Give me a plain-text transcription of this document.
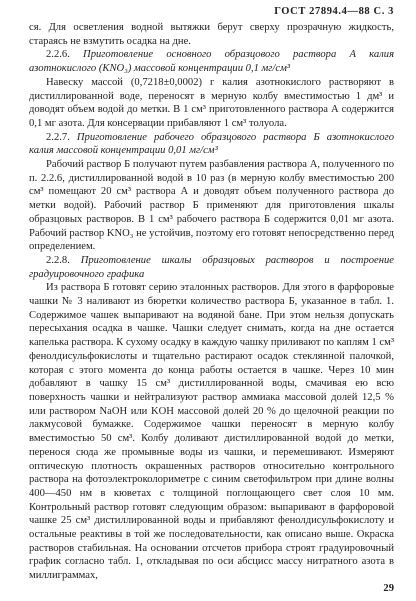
ГОСТ 27894.4—88 С. 3

ся. Для осветления водной вытяжки берут сверху прозрачную жидкость, стараясь не взмутить осадка на дне.

2.2.6. Приготовление основного образцового раствора А калия азотнокислого (KNO₃) массовой концентрации 0,1 мг/см³

Навеску массой (0,7218±0,0002) г калия азотнокислого растворяют в дистиллированной воде, переносят в мерную колбу вместимостью 1 дм³ и доводят объем водой до метки. В 1 см³ приготовленного раствора А содержится 0,1 мг азота. Для консервации прибавляют 1 см³ толуола.

2.2.7. Приготовление рабочего образцового раствора Б азотнокислого калия массовой концентрации 0,01 мг/см³

Рабочий раствор Б получают путем разбавления раствора А, полученного по п. 2.2.6, дистиллированной водой в 10 раз (в мерную колбу вместимостью 200 см³ помещают 20 см³ раствора А и доводят объем полученного раствора до метки водой). Рабочий раствор Б применяют для приготовления шкалы образцовых растворов. В 1 см³ рабочего раствора Б содержится 0,01 мг азота. Рабочий раствор KNO₃ не устойчив, поэтому его готовят непосредственно перед определением.

2.2.8. Приготовление шкалы образцовых растворов и построение градуировочного графика

Из раствора Б готовят серию эталонных растворов. Для этого в фарфоровые чашки № 3 наливают из бюретки количество раствора Б, указанное в табл. 1. Содержимое чашек выпаривают на водяной бане. При этом нельзя допускать пересыхания осадка в чашке. Чашки следует снимать, когда на дне остается капелька раствора. К сухому осадку в каждую чашку приливают по каплям 1 см³ фенолдисульфокислоты и тщательно растирают осадок стеклянной палочкой, которая с этого момента до конца работы остается в чашке. Через 10 мин добавляют в чашку 15 см³ дистиллированной воды, смачивая ею всю поверхность чашки и нейтрализуют раствор аммиака массовой долей 12,5 % или раствором NaOH или KOH массовой долей 20 % до щелочной реакции по лакмусовой бумажке. Содержимое чашки переносят в мерную колбу вместимостью 50 см³. Колбу доливают дистиллированной водой до метки, перенося сюда же промывные воды из чашки, и перемешивают. Измеряют оптическую плотность окрашенных растворов относительно контрольного раствора на фотоэлектроколориметре с синим светофильтром при длине волны 400—450 нм в кюветах с толщиной поглощающего свет слоя 10 мм. Контрольный раствор готовят следующим образом: выпаривают в фарфоровой чашке 25 см³ дистиллированной воды и прибавляют фенолдисульфокислоту и остальные реактивы в той же последовательности, как описано выше. Окраска растворов стабильная. На основании отсчетов прибора строят градуировочный график согласно табл. 1, откладывая по оси абсцисс массу нитратного азота в миллиграммах,

29
